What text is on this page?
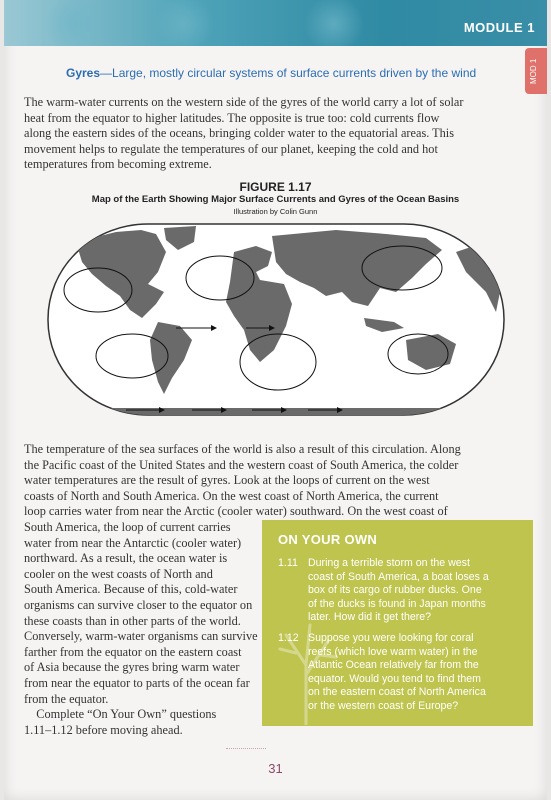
MODULE 1
MOD 1
Gyres—Large, mostly circular systems of surface currents driven by the wind
The warm-water currents on the western side of the gyres of the world carry a lot of solar
heat from the equator to higher latitudes. The opposite is true too: cold currents flow
along the eastern sides of the oceans, bringing colder water to the equatorial areas. This
movement helps to regulate the temperatures of our planet, keeping the cold and hot
temperatures from becoming extreme.
FIGURE 1.17
Map of the Earth Showing Major Surface Currents and Gyres of the Ocean Basins
Illustration by Colin Gunn
The temperature of the sea surfaces of the world is also a result of this circulation. Along
the Pacific coast of the United States and the western coast of South America, the colder
water temperatures are the result of gyres. Look at the loops of current on the west
coasts of North and South America. On the west coast of North America, the current
loop carries water from near the Arctic (cooler water) southward. On the west coast of
South America, the loop of current carries
water from near the Antarctic (cooler water)
northward. As a result, the ocean water is
cooler on the west coasts of North and
South America. Because of this, cold-water
organisms can survive closer to the equator on
these coasts than in other parts of the world.
Conversely, warm-water organisms can survive
farther from the equator on the eastern coast
of Asia because the gyres bring warm water
from near the equator to parts of the ocean far
from the equator.
Complete “On Your Own” questions
1.11–1.12 before moving ahead.
ON YOUR OWN
1.11 During a terrible storm on the west
coast of South America, a boat loses a
box of its cargo of rubber ducks. One
of the ducks is found in Japan months
later. How did it get there?
1.12 Suppose you were looking for coral
reefs (which love warm water) in the
Atlantic Ocean relatively far from the
equator. Would you tend to find them
on the eastern coast of North America
or the western coast of Europe?
31
